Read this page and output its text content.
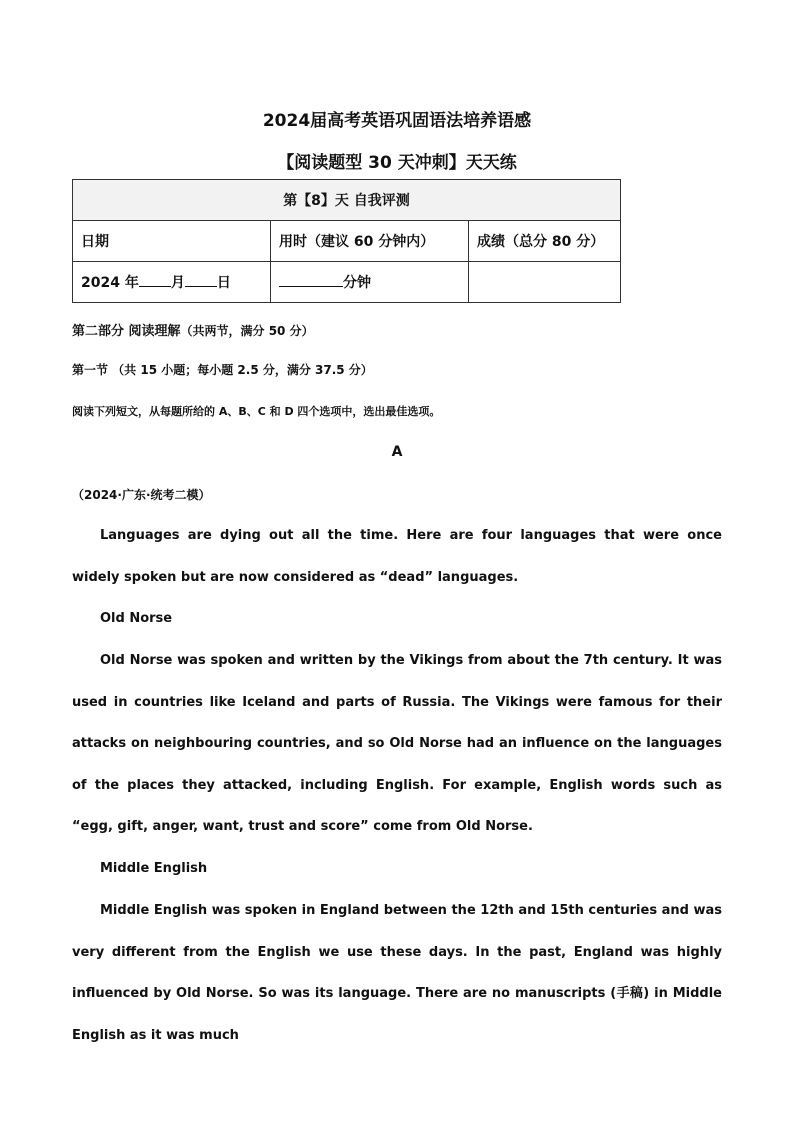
2024届高考英语巩固语法培养语感
【阅读题型 30 天冲刺】天天练
第【8】天 自我评测		
日期	用时（建议 60 分钟内）	成绩（总分 80 分）
2024 年 月 日	分钟	
第二部分 阅读理解（共两节，满分 50 分）
第一节 （共 15 小题；每小题 2.5 分，满分 37.5 分）
阅读下列短文，从每题所给的 A、B、C 和 D 四个选项中，选出最佳选项。
A
（2024·广东·统考二模）

Languages are dying out all the time. Here are four languages that were once widely spoken but are now considered as “dead” languages.

Old Norse

Old Norse was spoken and written by the Vikings from about the 7th century. It was used in countries like Iceland and parts of Russia. The Vikings were famous for their attacks on neighbouring countries, and so Old Norse had an influence on the languages of the places they attacked, including English. For example, English words such as “egg, gift, anger, want, trust and score” come from Old Norse.

Middle English

Middle English was spoken in England between the 12th and 15th centuries and was very different from the English we use these days. In the past, England was highly influenced by Old Norse. So was its language. There are no manuscripts (手稿) in Middle English as it was much
